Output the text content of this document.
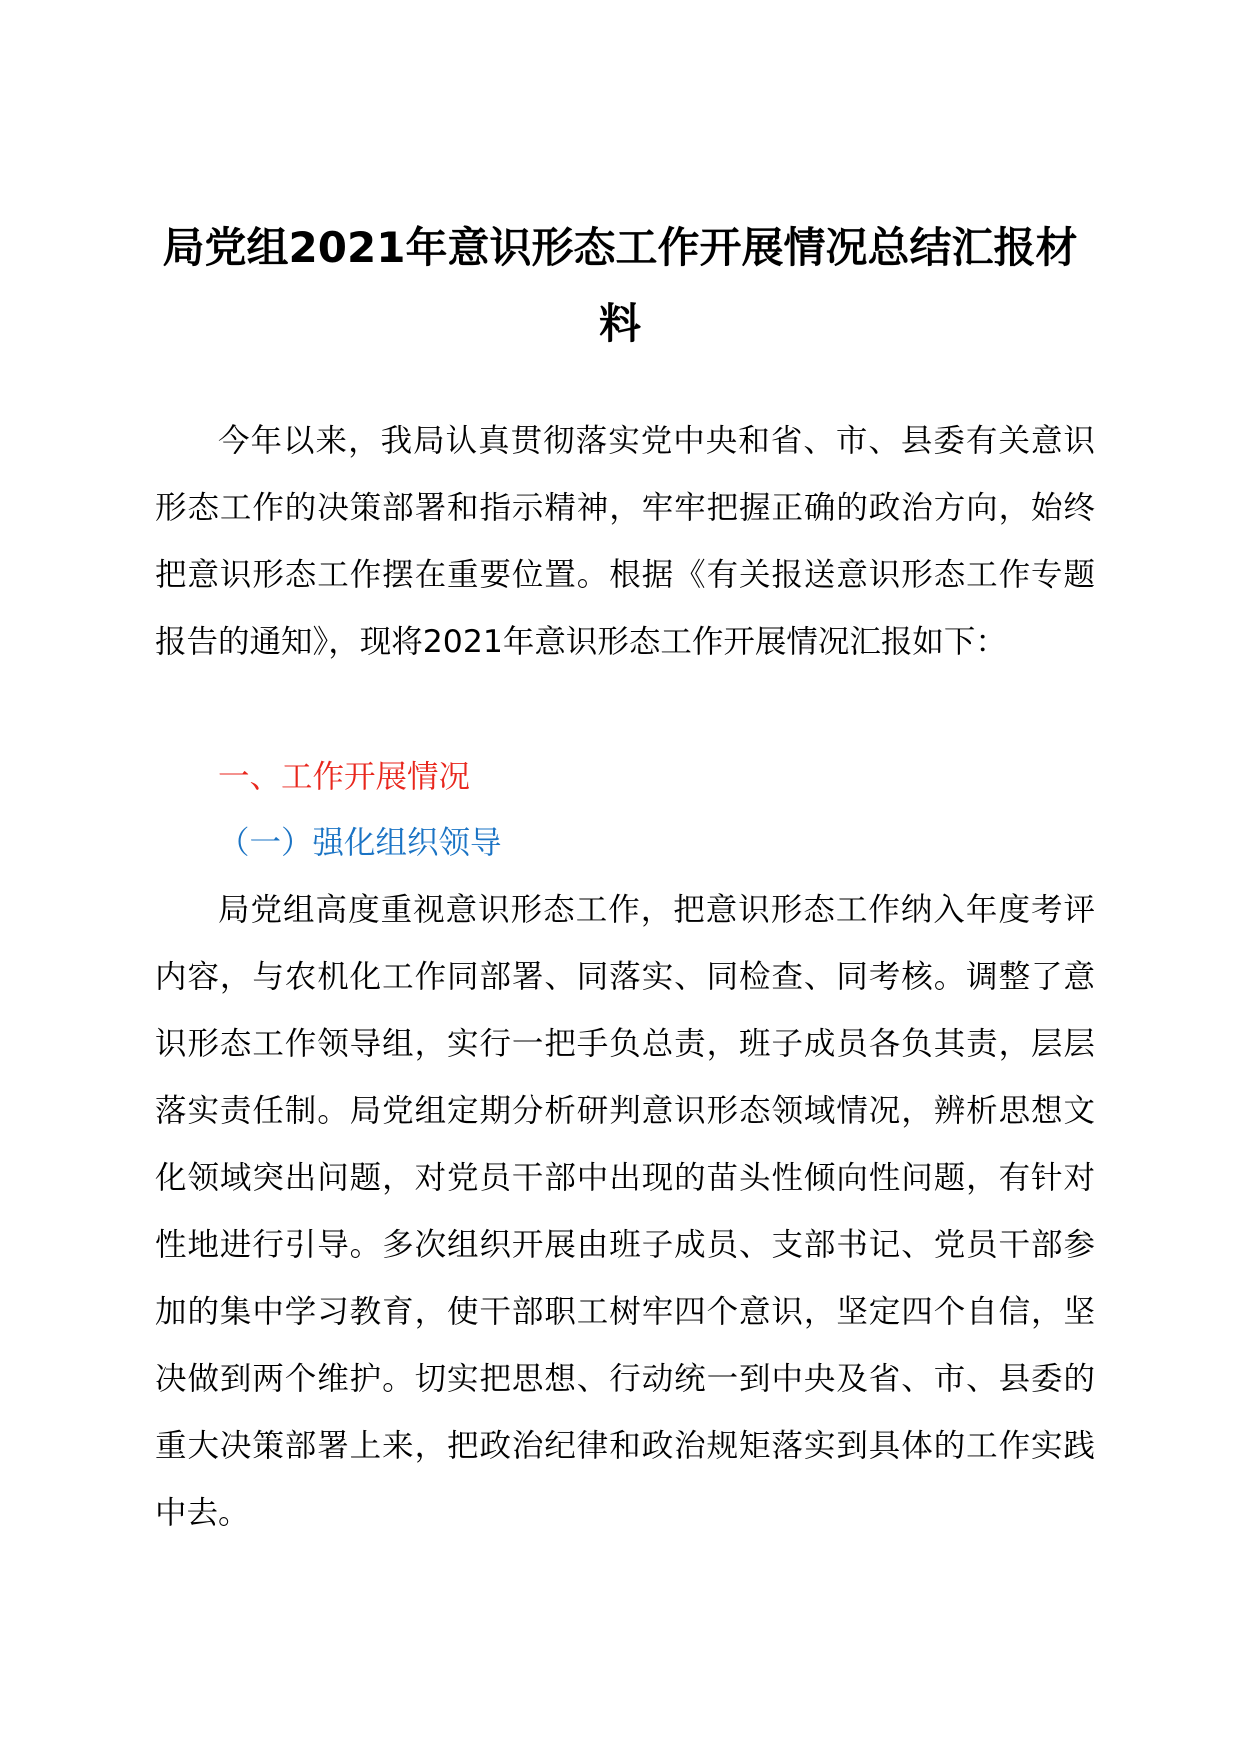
局党组2021年意识形态工作开展情况总结汇报材料

今年以来，我局认真贯彻落实党中央和省、市、县委有关意识形态工作的决策部署和指示精神，牢牢把握正确的政治方向，始终把意识形态工作摆在重要位置。根据《有关报送意识形态工作专题报告的通知》，现将2021年意识形态工作开展情况汇报如下：

一、工作开展情况
（一）强化组织领导

局党组高度重视意识形态工作，把意识形态工作纳入年度考评内容，与农机化工作同部署、同落实、同检查、同考核。调整了意识形态工作领导组，实行一把手负总责，班子成员各负其责，层层落实责任制。局党组定期分析研判意识形态领域情况，辨析思想文化领域突出问题，对党员干部中出现的苗头性倾向性问题，有针对性地进行引导。多次组织开展由班子成员、支部书记、党员干部参加的集中学习教育，使干部职工树牢四个意识，坚定四个自信，坚决做到两个维护。切实把思想、行动统一到中央及省、市、县委的重大决策部署上来，把政治纪律和政治规矩落实到具体的工作实践中去。
